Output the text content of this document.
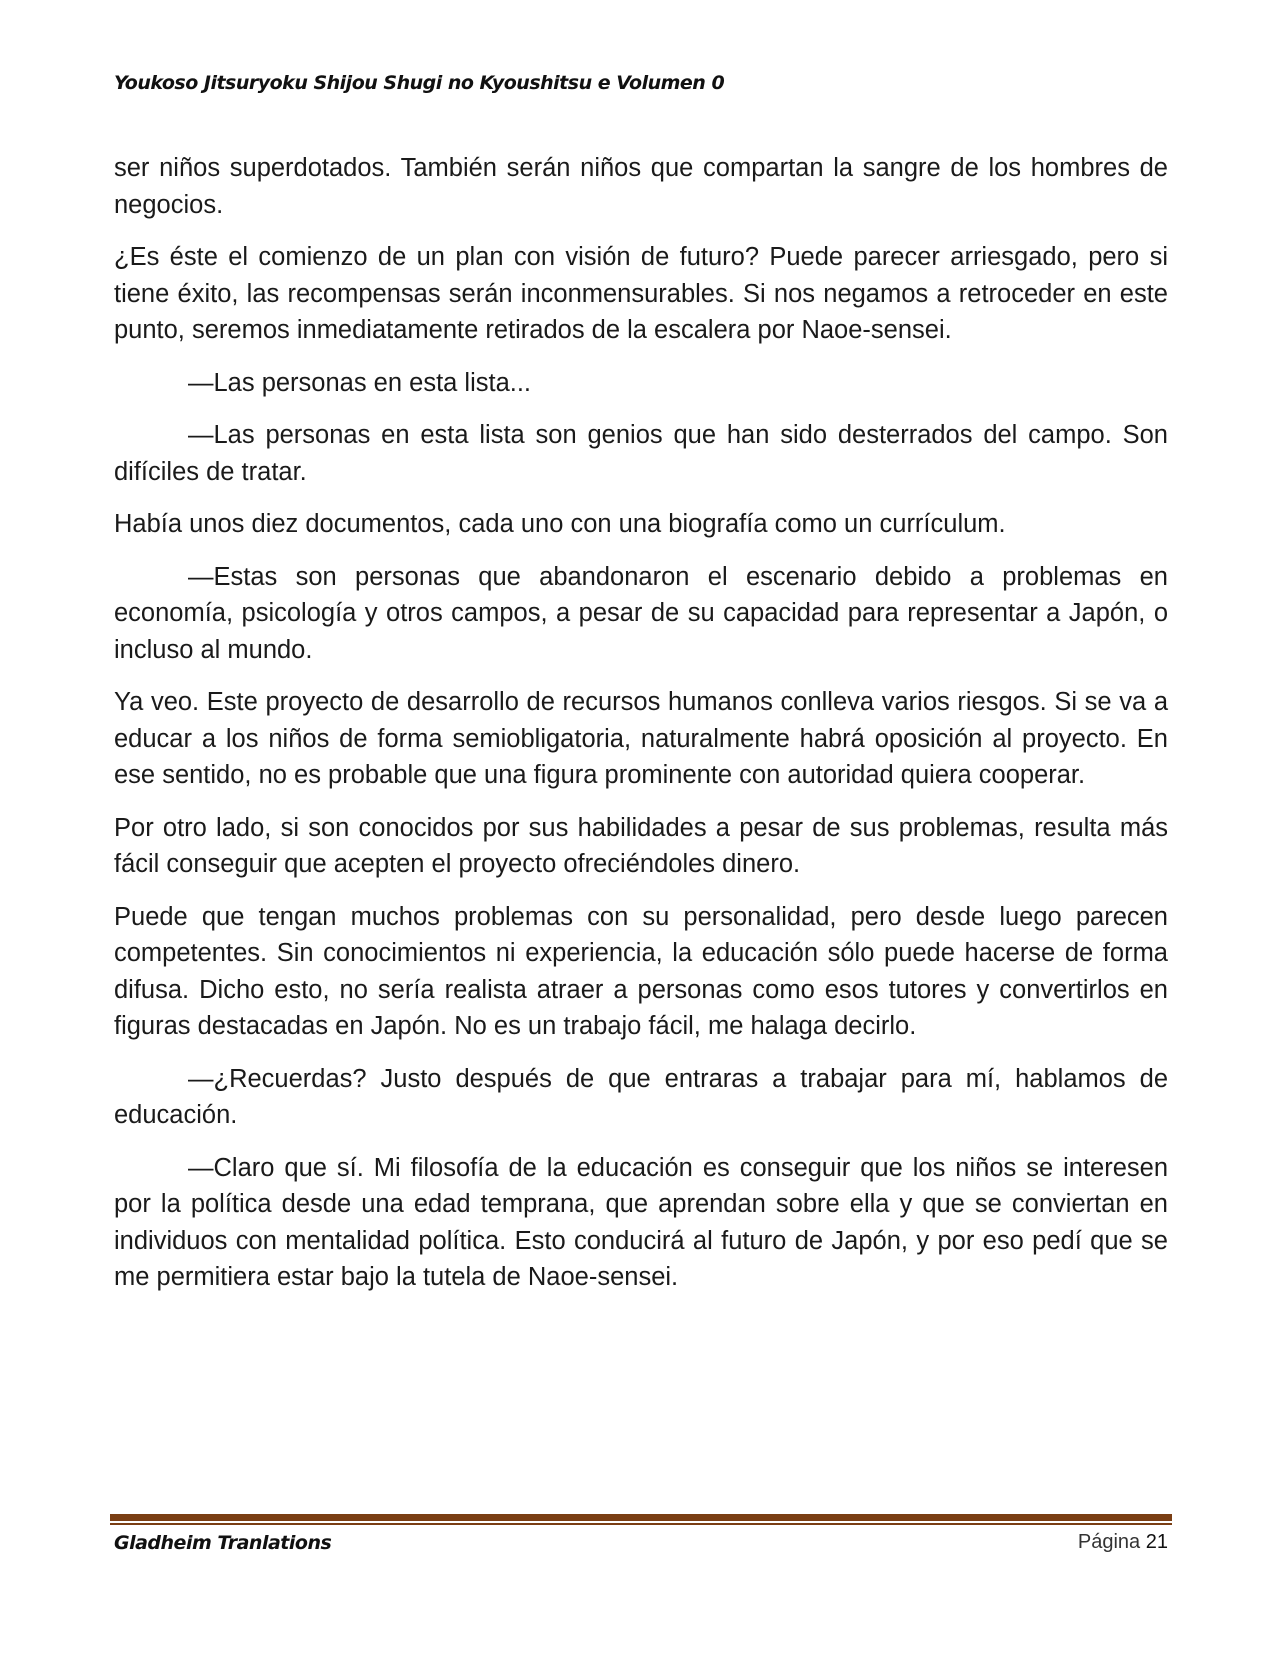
Youkoso Jitsuryoku Shijou Shugi no Kyoushitsu e Volumen 0

ser niños superdotados. También serán niños que compartan la sangre de los hombres de negocios.

¿Es éste el comienzo de un plan con visión de futuro? Puede parecer arriesgado, pero si tiene éxito, las recompensas serán inconmensurables. Si nos negamos a retroceder en este punto, seremos inmediatamente retirados de la escalera por Naoe-sensei.

—Las personas en esta lista...

—Las personas en esta lista son genios que han sido desterrados del campo. Son difíciles de tratar.

Había unos diez documentos, cada uno con una biografía como un currículum.

—Estas son personas que abandonaron el escenario debido a problemas en economía, psicología y otros campos, a pesar de su capacidad para representar a Japón, o incluso al mundo.

Ya veo. Este proyecto de desarrollo de recursos humanos conlleva varios riesgos. Si se va a educar a los niños de forma semiobligatoria, naturalmente habrá oposición al proyecto. En ese sentido, no es probable que una figura prominente con autoridad quiera cooperar.

Por otro lado, si son conocidos por sus habilidades a pesar de sus problemas, resulta más fácil conseguir que acepten el proyecto ofreciéndoles dinero.

Puede que tengan muchos problemas con su personalidad, pero desde luego parecen competentes. Sin conocimientos ni experiencia, la educación sólo puede hacerse de forma difusa. Dicho esto, no sería realista atraer a personas como esos tutores y convertirlos en figuras destacadas en Japón. No es un trabajo fácil, me halaga decirlo.

—¿Recuerdas? Justo después de que entraras a trabajar para mí, hablamos de educación.

—Claro que sí. Mi filosofía de la educación es conseguir que los niños se interesen por la política desde una edad temprana, que aprendan sobre ella y que se conviertan en individuos con mentalidad política. Esto conducirá al futuro de Japón, y por eso pedí que se me permitiera estar bajo la tutela de Naoe-sensei.

Gladheim Tranlations	Página 21
